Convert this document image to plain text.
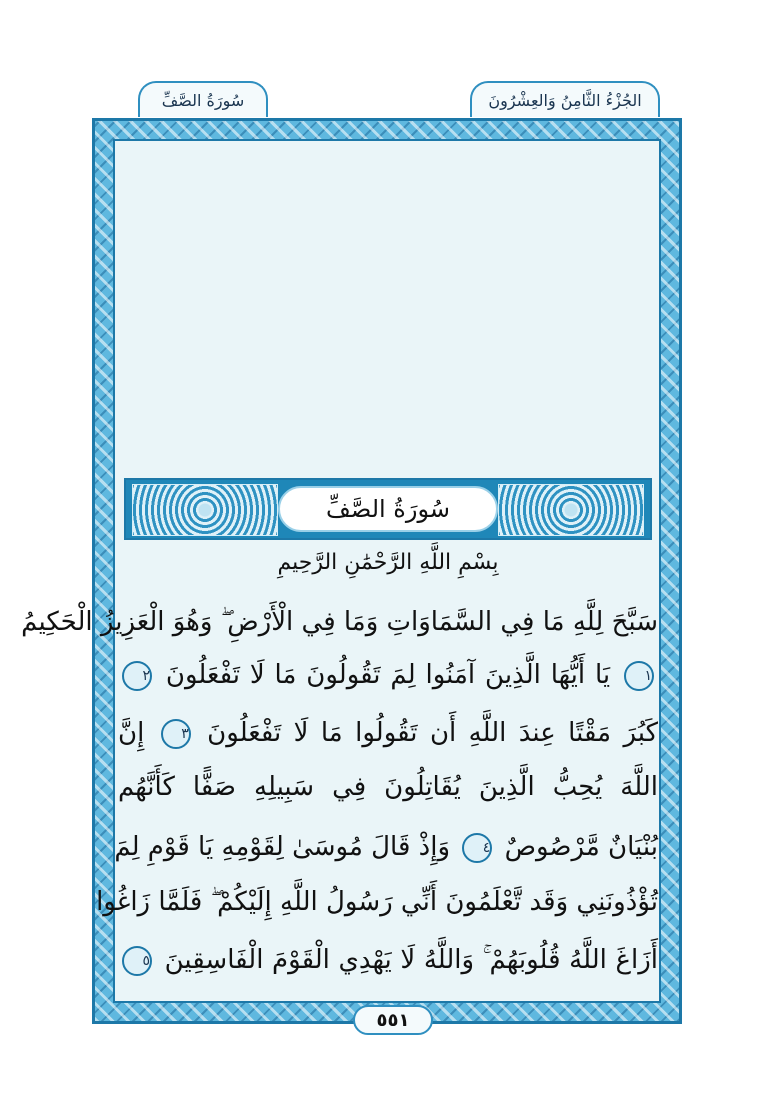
الجُزْءُ الثَّامِنُ وَالعِشْرُونَ
سُورَةُ الصَّفِّ
سُورَةُ الصَّفِّ
بِسْمِ اللَّهِ الرَّحْمَٰنِ الرَّحِيمِ
سَبَّحَ لِلَّهِ مَا فِي السَّمَاوَاتِ وَمَا فِي الْأَرْضِ ۖ وَهُوَ الْعَزِيزُ الْحَكِيمُ
١ يَا أَيُّهَا الَّذِينَ آمَنُوا لِمَ تَقُولُونَ مَا لَا تَفْعَلُونَ ٢
كَبُرَ مَقْتًا عِندَ اللَّهِ أَن تَقُولُوا مَا لَا تَفْعَلُونَ ٣ إِنَّ
اللَّهَ يُحِبُّ الَّذِينَ يُقَاتِلُونَ فِي سَبِيلِهِ صَفًّا كَأَنَّهُم
بُنْيَانٌ مَّرْصُوصٌ ٤ وَإِذْ قَالَ مُوسَىٰ لِقَوْمِهِ يَا قَوْمِ لِمَ
تُؤْذُونَنِي وَقَد تَّعْلَمُونَ أَنِّي رَسُولُ اللَّهِ إِلَيْكُمْ ۖ فَلَمَّا زَاغُوا
أَزَاغَ اللَّهُ قُلُوبَهُمْ ۚ وَاللَّهُ لَا يَهْدِي الْقَوْمَ الْفَاسِقِينَ ٥
٥٥١
